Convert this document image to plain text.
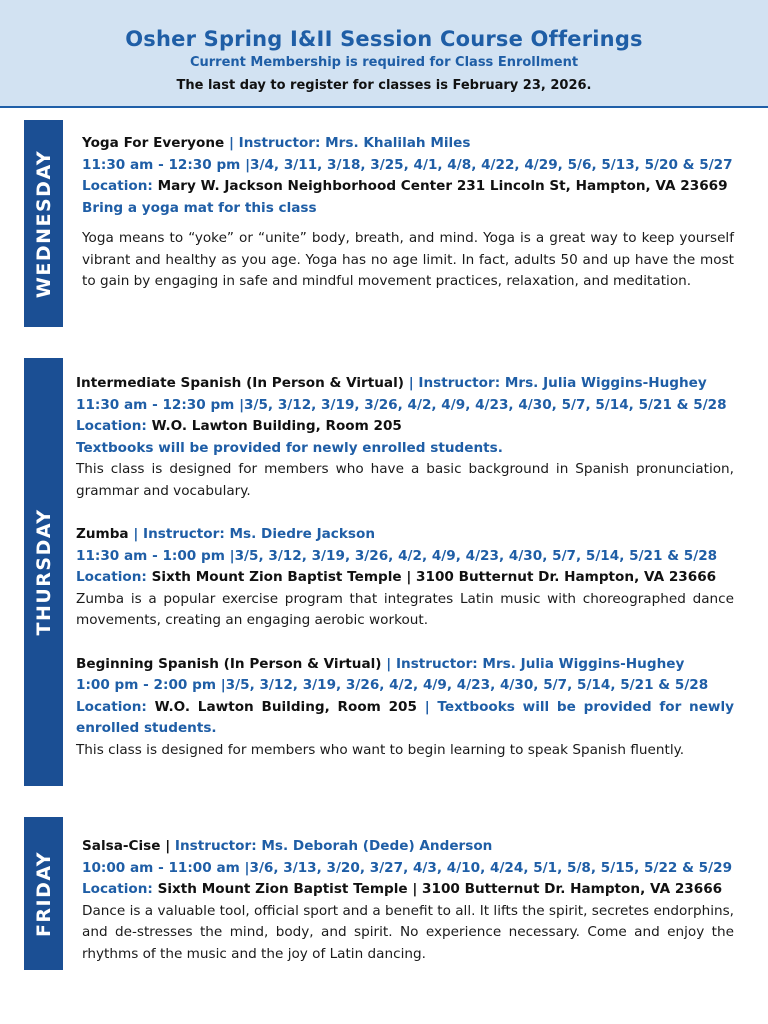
Osher Spring I&II Session Course Offerings
Current Membership is required for Class Enrollment
The last day to register for classes is February 23, 2026.
WEDNESDAY
Yoga For Everyone | Instructor: Mrs. Khalilah Miles
11:30 am - 12:30 pm |3/4, 3/11, 3/18, 3/25, 4/1, 4/8, 4/22, 4/29, 5/6, 5/13, 5/20 & 5/27
Location: Mary W. Jackson Neighborhood Center 231 Lincoln St, Hampton, VA 23669
Bring a yoga mat for this class
Yoga means to “yoke” or “unite” body, breath, and mind. Yoga is a great way to keep yourself vibrant and healthy as you age. Yoga has no age limit. In fact, adults 50 and up have the most to gain by engaging in safe and mindful movement practices, relaxation, and meditation.
THURSDAY
Intermediate Spanish (In Person & Virtual) | Instructor: Mrs. Julia Wiggins-Hughey
11:30 am - 12:30 pm |3/5, 3/12, 3/19, 3/26, 4/2, 4/9, 4/23, 4/30, 5/7, 5/14, 5/21 & 5/28
Location: W.O. Lawton Building, Room 205
Textbooks will be provided for newly enrolled students.
This class is designed for members who have a basic background in Spanish pronunciation, grammar and vocabulary.
Zumba | Instructor: Ms. Diedre Jackson
11:30 am - 1:00 pm |3/5, 3/12, 3/19, 3/26, 4/2, 4/9, 4/23, 4/30, 5/7, 5/14, 5/21 & 5/28
Location: Sixth Mount Zion Baptist Temple | 3100 Butternut Dr. Hampton, VA 23666
Zumba is a popular exercise program that integrates Latin music with choreographed dance movements, creating an engaging aerobic workout.
Beginning Spanish (In Person & Virtual) | Instructor: Mrs. Julia Wiggins-Hughey
1:00 pm - 2:00 pm |3/5, 3/12, 3/19, 3/26, 4/2, 4/9, 4/23, 4/30, 5/7, 5/14, 5/21 & 5/28
Location: W.O. Lawton Building, Room 205 | Textbooks will be provided for newly enrolled students.
This class is designed for members who want to begin learning to speak Spanish fluently.
FRIDAY
Salsa-Cise | Instructor: Ms. Deborah (Dede) Anderson
10:00 am - 11:00 am |3/6, 3/13, 3/20, 3/27, 4/3, 4/10, 4/24, 5/1, 5/8, 5/15, 5/22 & 5/29
Location: Sixth Mount Zion Baptist Temple | 3100 Butternut Dr. Hampton, VA 23666
Dance is a valuable tool, official sport and a benefit to all. It lifts the spirit, secretes endorphins, and de-stresses the mind, body, and spirit. No experience necessary. Come and enjoy the rhythms of the music and the joy of Latin dancing.
